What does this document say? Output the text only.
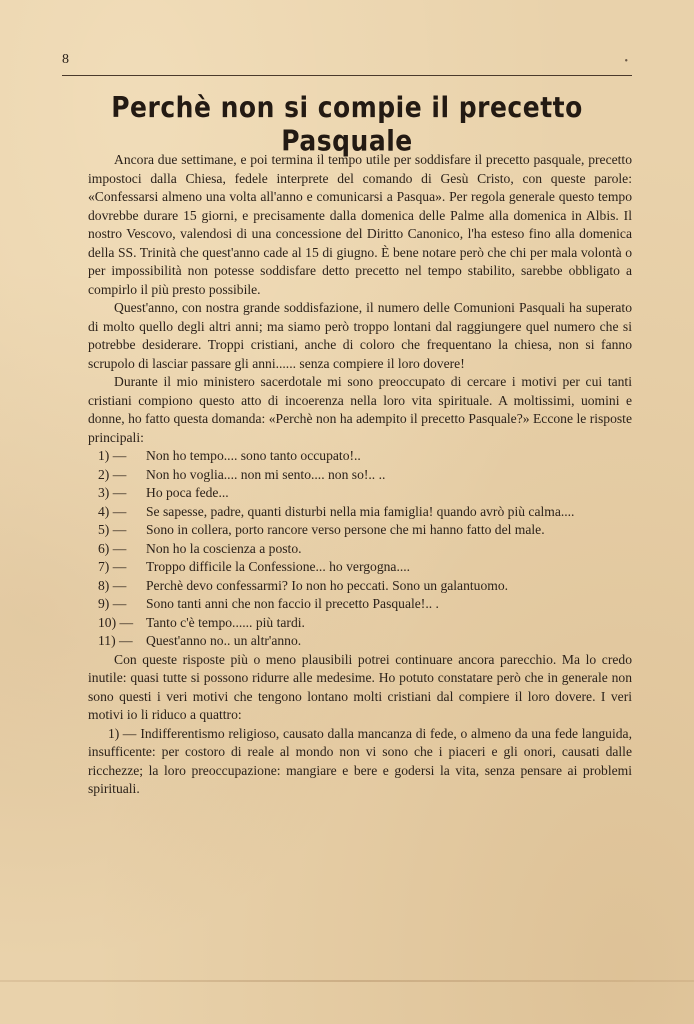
8	•
Perchè non si compie il precetto Pasquale

Ancora due settimane, e poi termina il tempo utile per soddisfare il precetto pasquale, precetto impostoci dalla Chiesa, fedele interprete del comando di Gesù Cristo, con queste parole: «Confessarsi almeno una volta all'anno e comunicarsi a Pasqua». Per regola generale questo tempo dovrebbe durare 15 giorni, e precisamente dalla domenica delle Palme alla domenica in Albis. Il nostro Vescovo, valendosi di una concessione del Diritto Canonico, l'ha esteso fino alla domenica della SS. Trinità che quest'anno cade al 15 di giugno. È bene notare però che chi per mala volontà o per impossibilità non potesse soddisfare detto precetto nel tempo stabilito, sarebbe obbligato a compirlo il più presto possibile.

Quest'anno, con nostra grande soddisfazione, il numero delle Comunioni Pasquali ha superato di molto quello degli altri anni; ma siamo però troppo lontani dal raggiungere quel numero che si potrebbe desiderare. Troppi cristiani, anche di coloro che frequentano la chiesa, non si fanno scrupolo di lasciar passare gli anni...... senza compiere il loro dovere!

Durante il mio ministero sacerdotale mi sono preoccupato di cercare i motivi per cui tanti cristiani compiono questo atto di incoerenza nella loro vita spirituale. A moltissimi, uomini e donne, ho fatto questa domanda: «Perchè non ha adempito il precetto Pasquale?» Eccone le risposte principali:

1) —	Non ho tempo.... sono tanto occupato!..
2) —	Non ho voglia.... non mi sento.... non so!.. ..
3) —	Ho poca fede...
4) —	Se sapesse, padre, quanti disturbi nella mia famiglia! quando avrò più calma....
5) —	Sono in collera, porto rancore verso persone che mi hanno fatto del male.
6) —	Non ho la coscienza a posto.
7) —	Troppo difficile la Confessione... ho vergogna....
8) —	Perchè devo confessarmi? Io non ho peccati. Sono un galantuomo.
9) —	Sono tanti anni che non faccio il precetto Pasquale!.. .
10) — Tanto c'è tempo...... più tardi.
11) — Quest'anno no.. un altr'anno.

Con queste risposte più o meno plausibili potrei continuare ancora parecchio. Ma lo credo inutile: quasi tutte si possono ridurre alle medesime. Ho potuto constatare però che in generale non sono questi i veri motivi che tengono lontano molti cristiani dal compiere il loro dovere. I veri motivi io li riduco a quattro:

1) — Indifferentismo religioso, causato dalla mancanza di fede, o almeno da una fede languida, insufficente: per costoro di reale al mondo non vi sono che i piaceri e gli onori, causati dalle ricchezze; la loro preoccupazione: mangiare e bere e godersi la vita, senza pensare ai problemi spirituali.
